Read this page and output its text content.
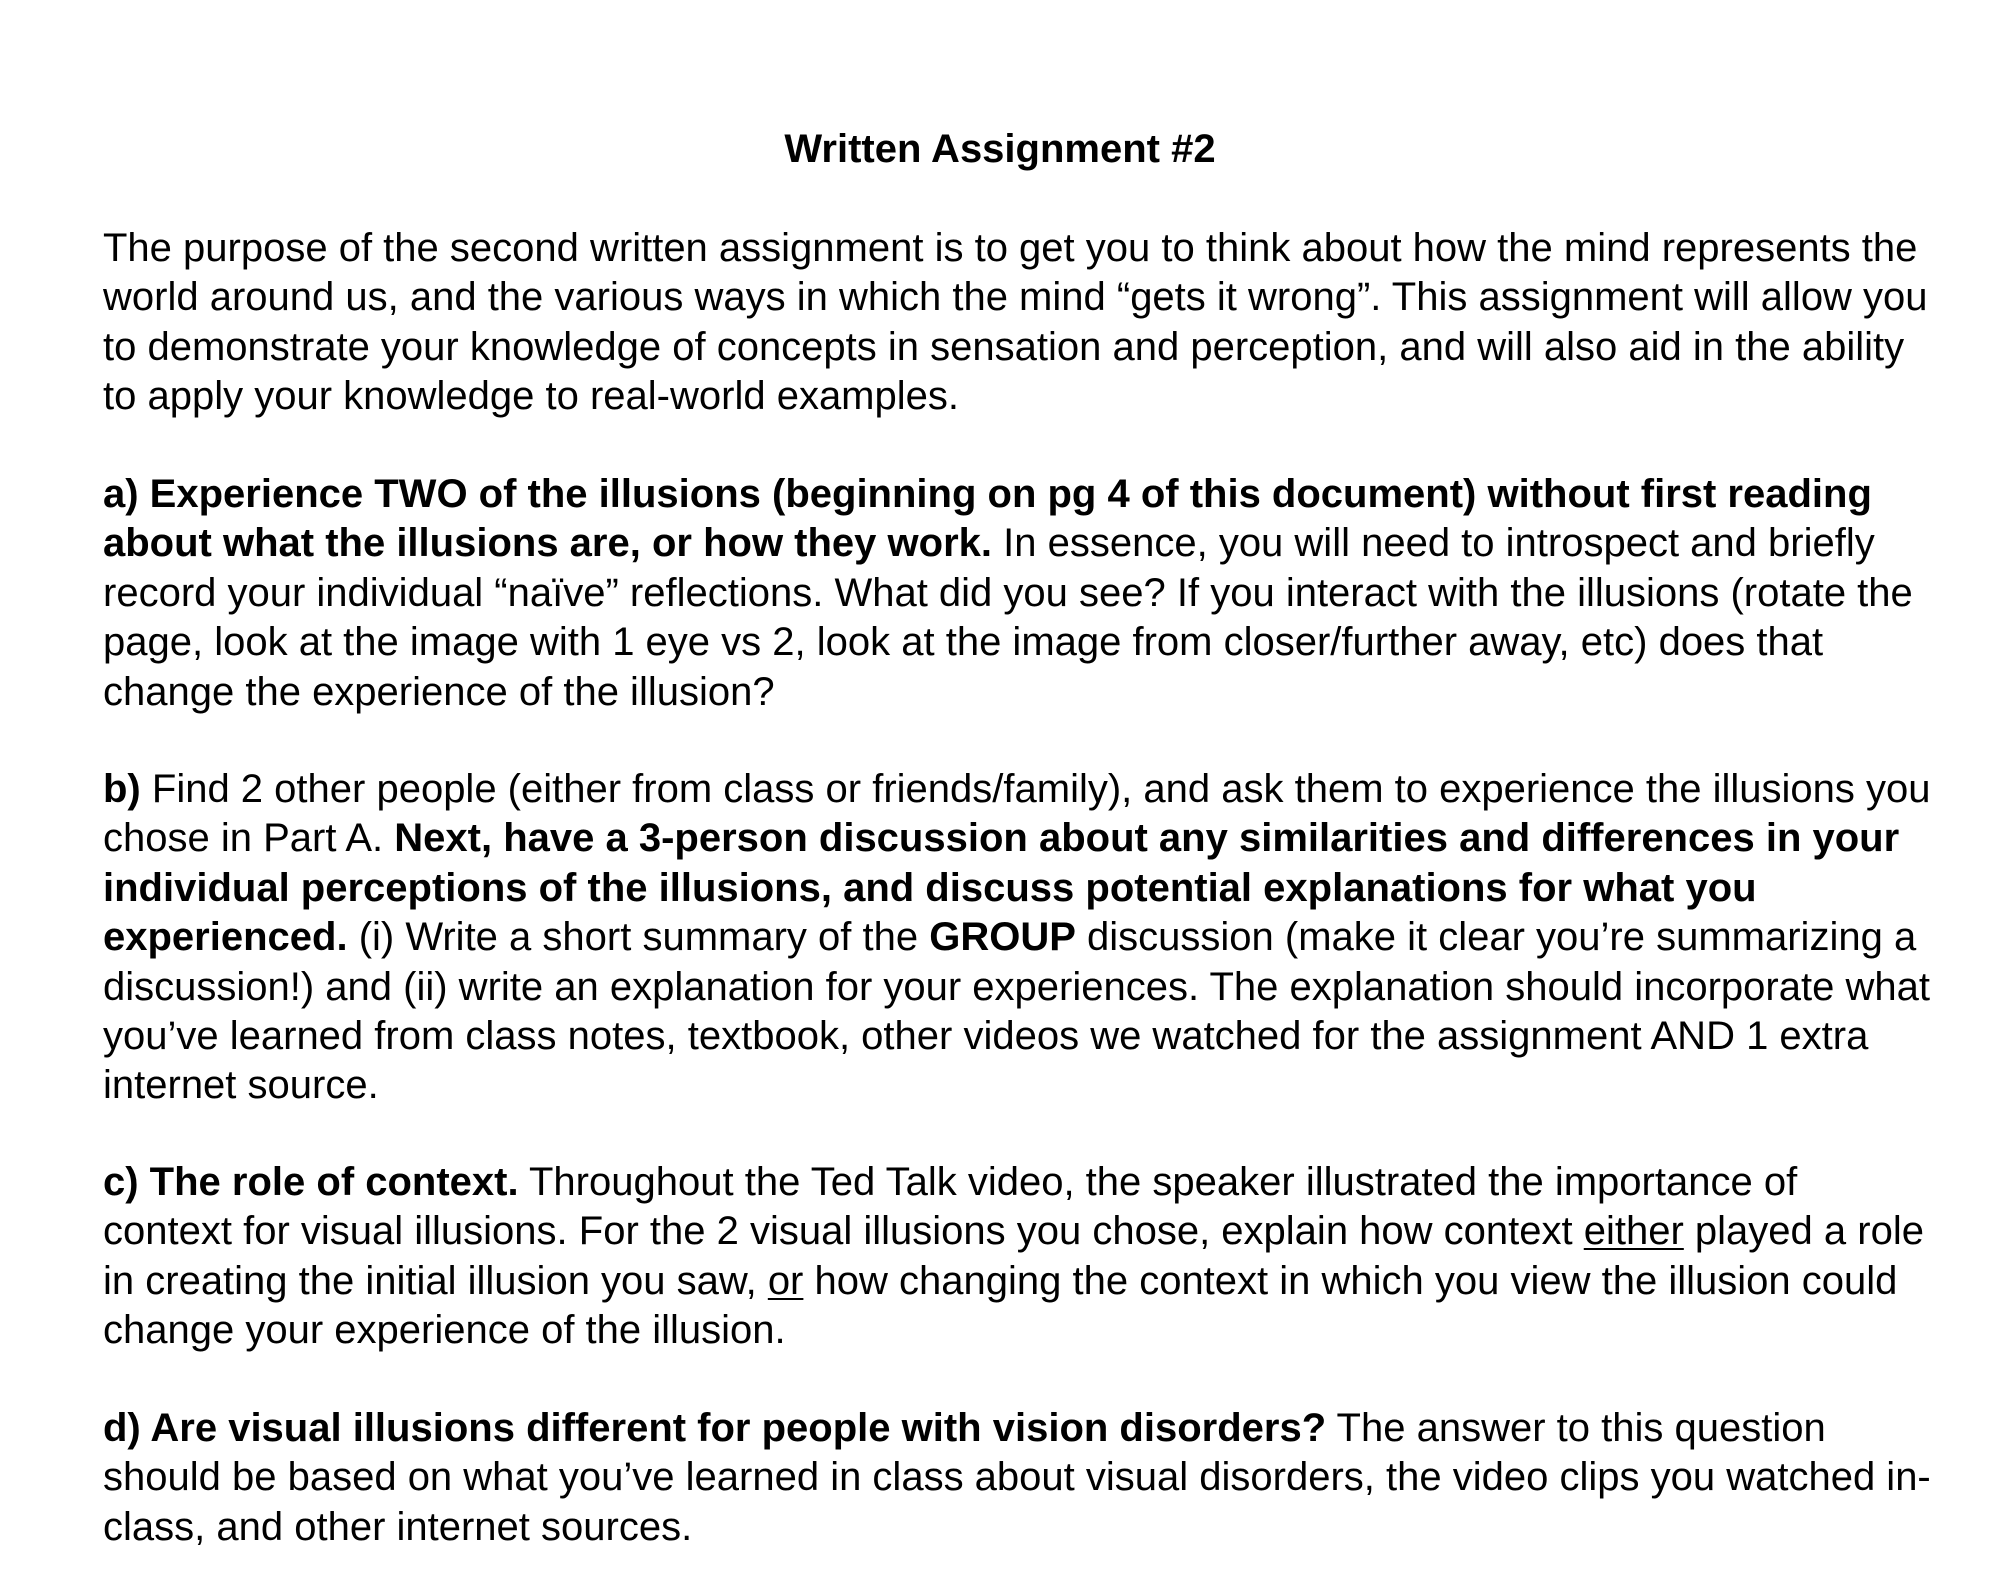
Written Assignment #2

The purpose of the second written assignment is to get you to think about how the mind represents the world around us, and the various ways in which the mind “gets it wrong”. This assignment will allow you to demonstrate your knowledge of concepts in sensation and perception, and will also aid in the ability to apply your knowledge to real-world examples.

a) Experience TWO of the illusions (beginning on pg 4 of this document) without first reading about what the illusions are, or how they work. In essence, you will need to introspect and briefly record your individual “naïve” reflections. What did you see? If you interact with the illusions (rotate the page, look at the image with 1 eye vs 2, look at the image from closer/further away, etc) does that change the experience of the illusion?

b) Find 2 other people (either from class or friends/family), and ask them to experience the illusions you chose in Part A. Next, have a 3-person discussion about any similarities and differences in your individual perceptions of the illusions, and discuss potential explanations for what you experienced. (i) Write a short summary of the GROUP discussion (make it clear you’re summarizing a discussion!) and (ii) write an explanation for your experiences. The explanation should incorporate what you’ve learned from class notes, textbook, other videos we watched for the assignment AND 1 extra internet source.

c) The role of context. Throughout the Ted Talk video, the speaker illustrated the importance of context for visual illusions. For the 2 visual illusions you chose, explain how context either played a role in creating the initial illusion you saw, or how changing the context in which you view the illusion could change your experience of the illusion.

d) Are visual illusions different for people with vision disorders? The answer to this question should be based on what you’ve learned in class about visual disorders, the video clips you watched in-class, and other internet sources.
